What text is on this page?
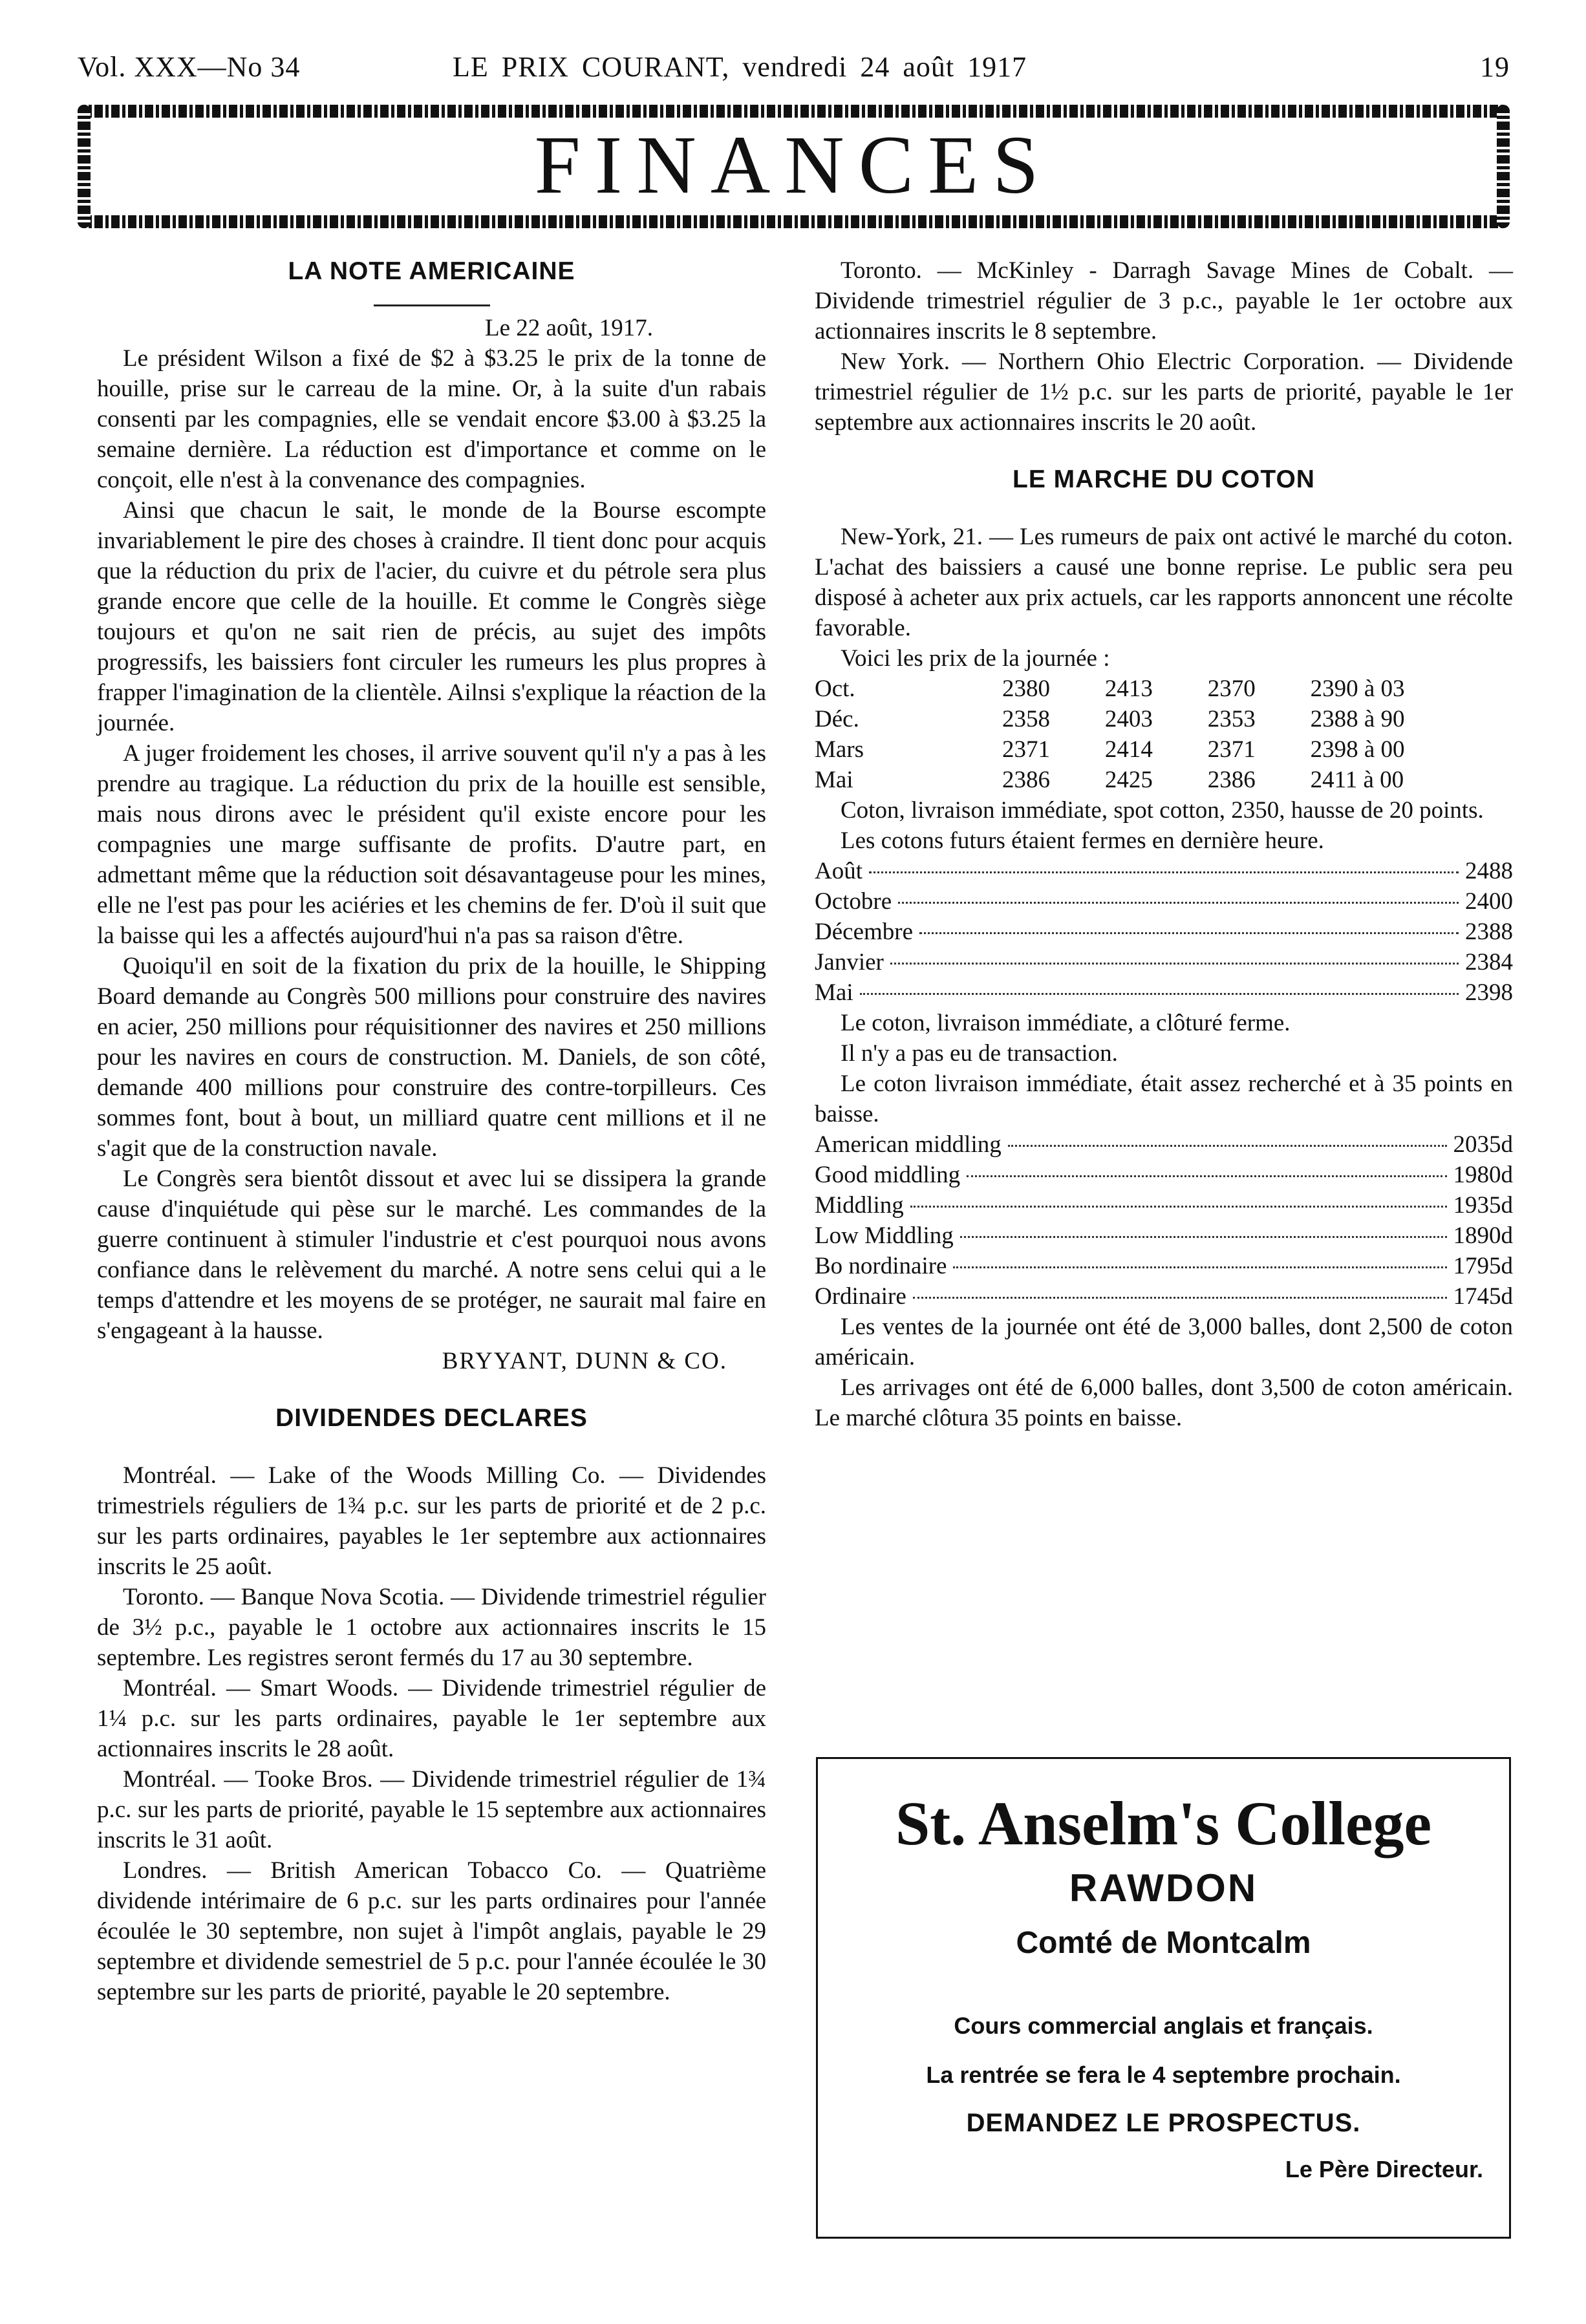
Vol. XXX—No 34	LE PRIX COURANT, vendredi 24 août 1917	19
FINANCES
LA NOTE AMERICAINE

Le 22 août, 1917.

Le président Wilson a fixé de $2 à $3.25 le prix de la tonne de houille, prise sur le carreau de la mine. Or, à la suite d'un rabais consenti par les compagnies, elle se vendait encore $3.00 à $3.25 la semaine dernière. La réduction est d'importance et comme on le conçoit, elle n'est à la convenance des compagnies.

Ainsi que chacun le sait, le monde de la Bourse escompte invariablement le pire des choses à craindre. Il tient donc pour acquis que la réduction du prix de l'acier, du cuivre et du pétrole sera plus grande encore que celle de la houille. Et comme le Congrès siège toujours et qu'on ne sait rien de précis, au sujet des impôts progressifs, les baissiers font circuler les rumeurs les plus propres à frapper l'imagination de la clientèle. Ailnsi s'explique la réaction de la journée.

A juger froidement les choses, il arrive souvent qu'il n'y a pas à les prendre au tragique. La réduction du prix de la houille est sensible, mais nous dirons avec le président qu'il existe encore pour les compagnies une marge suffisante de profits. D'autre part, en admettant même que la réduction soit désavantageuse pour les mines, elle ne l'est pas pour les aciéries et les chemins de fer. D'où il suit que la baisse qui les a affectés aujourd'hui n'a pas sa raison d'être.

Quoiqu'il en soit de la fixation du prix de la houille, le Shipping Board demande au Congrès 500 millions pour construire des navires en acier, 250 millions pour réquisitionner des navires et 250 millions pour les navires en cours de construction. M. Daniels, de son côté, demande 400 millions pour construire des contre-torpilleurs. Ces sommes font, bout à bout, un milliard quatre cent millions et il ne s'agit que de la construction navale.

Le Congrès sera bientôt dissout et avec lui se dissipera la grande cause d'inquiétude qui pèse sur le marché. Les commandes de la guerre continuent à stimuler l'industrie et c'est pourquoi nous avons confiance dans le relèvement du marché. A notre sens celui qui a le temps d'attendre et les moyens de se protéger, ne saurait mal faire en s'engageant à la hausse.

BRYYANT, DUNN & CO.

DIVIDENDES DECLARES

Montréal. — Lake of the Woods Milling Co. — Dividendes trimestriels réguliers de 1¾ p.c. sur les parts de priorité et de 2 p.c. sur les parts ordinaires, payables le 1er septembre aux actionnaires inscrits le 25 août.

Toronto. — Banque Nova Scotia. — Dividende trimestriel régulier de 3½ p.c., payable le 1 octobre aux actionnaires inscrits le 15 septembre. Les registres seront fermés du 17 au 30 septembre.

Montréal. — Smart Woods. — Dividende trimestriel régulier de 1¼ p.c. sur les parts ordinaires, payable le 1er septembre aux actionnaires inscrits le 28 août.

Montréal. — Tooke Bros. — Dividende trimestriel régulier de 1¾ p.c. sur les parts de priorité, payable le 15 septembre aux actionnaires inscrits le 31 août.

Londres. — British American Tobacco Co. — Quatrième dividende intérimaire de 6 p.c. sur les parts ordinaires pour l'année écoulée le 30 septembre, non sujet à l'impôt anglais, payable le 29 septembre et dividende semestriel de 5 p.c. pour l'année écoulée le 30 septembre sur les parts de priorité, payable le 20 septembre.

Toronto. — McKinley - Darragh Savage Mines de Cobalt. — Dividende trimestriel régulier de 3 p.c., payable le 1er octobre aux actionnaires inscrits le 8 septembre.

New York. — Northern Ohio Electric Corporation. — Dividende trimestriel régulier de 1½ p.c. sur les parts de priorité, payable le 1er septembre aux actionnaires inscrits le 20 août.

LE MARCHE DU COTON

New-York, 21. — Les rumeurs de paix ont activé le marché du coton. L'achat des baissiers a causé une bonne reprise. Le public sera peu disposé à acheter aux prix actuels, car les rapports annoncent une récolte favorable.

Voici les prix de la journée :

Oct.	2380	2413	2370	2390 à 03
Déc.	2358	2403	2353	2388 à 90
Mars	2371	2414	2371	2398 à 00
Mai	2386	2425	2386	2411 à 00

Coton, livraison immédiate, spot cotton, 2350, hausse de 20 points.

Les cotons futurs étaient fermes en dernière heure.

Août	2488
Octobre	2400
Décembre	2388
Janvier	2384
Mai	2398

Le coton, livraison immédiate, a clôturé ferme.

Il n'y a pas eu de transaction.

Le coton livraison immédiate, était assez recherché et à 35 points en baisse.

American middling	2035d
Good middling	1980d
Middling	1935d
Low Middling	1890d
Bo nordinaire	1795d
Ordinaire	1745d

Les ventes de la journée ont été de 3,000 balles, dont 2,500 de coton américain.

Les arrivages ont été de 6,000 balles, dont 3,500 de coton américain. Le marché clôtura 35 points en baisse.

St. Anselm's College
RAWDON
Comté de Montcalm
Cours commercial anglais et français.
La rentrée se fera le 4 septembre prochain.
DEMANDEZ LE PROSPECTUS.
Le Père Directeur.
